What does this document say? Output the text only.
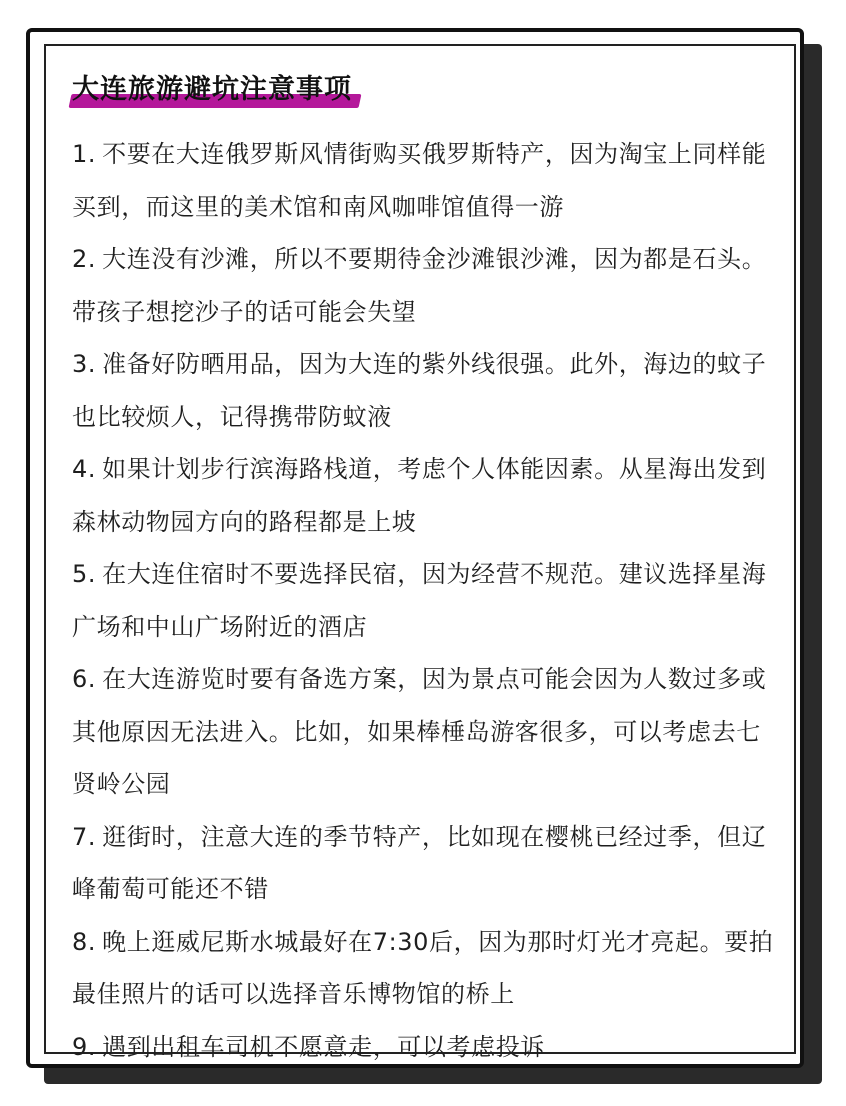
大连旅游避坑注意事项

1. 不要在大连俄罗斯风情街购买俄罗斯特产，因为淘宝上同样能买到，而这里的美术馆和南风咖啡馆值得一游

2. 大连没有沙滩，所以不要期待金沙滩银沙滩，因为都是石头。带孩子想挖沙子的话可能会失望

3. 准备好防晒用品，因为大连的紫外线很强。此外，海边的蚊子也比较烦人，记得携带防蚊液

4. 如果计划步行滨海路栈道，考虑个人体能因素。从星海出发到森林动物园方向的路程都是上坡

5. 在大连住宿时不要选择民宿，因为经营不规范。建议选择星海广场和中山广场附近的酒店

6. 在大连游览时要有备选方案，因为景点可能会因为人数过多或其他原因无法进入。比如，如果棒棰岛游客很多，可以考虑去七贤岭公园

7. 逛街时，注意大连的季节特产，比如现在樱桃已经过季，但辽峰葡萄可能还不错

8. 晚上逛威尼斯水城最好在7:30后，因为那时灯光才亮起。要拍最佳照片的话可以选择音乐博物馆的桥上

9. 遇到出租车司机不愿意走，可以考虑投诉
